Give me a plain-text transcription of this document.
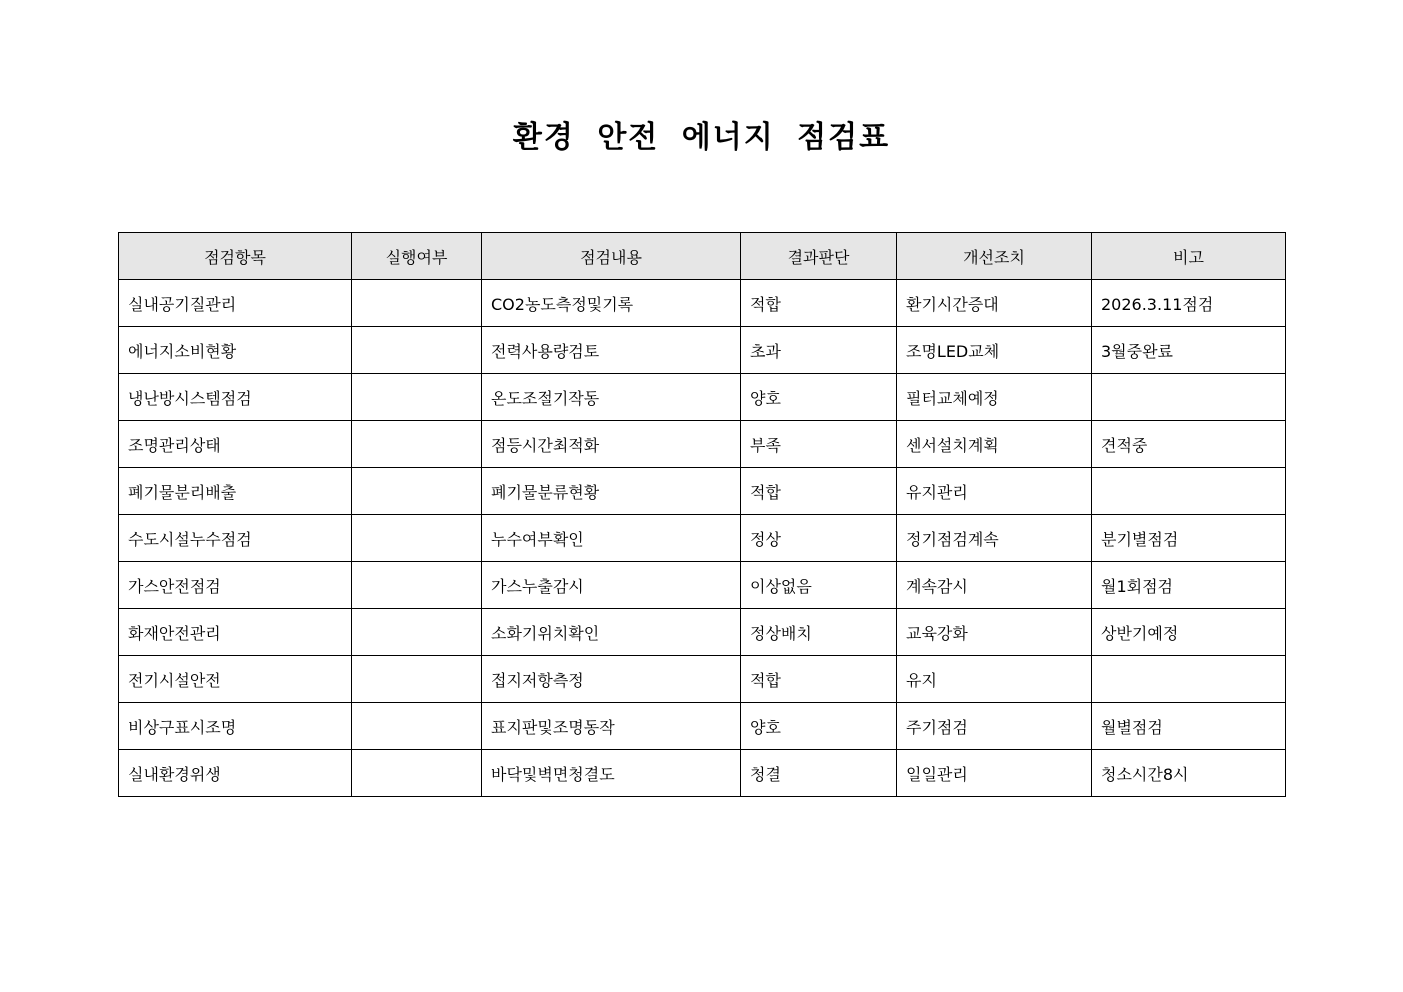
환경 안전 에너지 점검표
점검항목	실행여부	점검내용	결과판단	개선조치	비고
실내공기질관리		CO2농도측정및기록	적합	환기시간증대	2026.3.11점검
에너지소비현황		전력사용량검토	초과	조명LED교체	3월중완료
냉난방시스템점검		온도조절기작동	양호	필터교체예정	
조명관리상태		점등시간최적화	부족	센서설치계획	견적중
폐기물분리배출		폐기물분류현황	적합	유지관리	
수도시설누수점검		누수여부확인	정상	정기점검계속	분기별점검
가스안전점검		가스누출감시	이상없음	계속감시	월1회점검
화재안전관리		소화기위치확인	정상배치	교육강화	상반기예정
전기시설안전		접지저항측정	적합	유지	
비상구표시조명		표지판및조명동작	양호	주기점검	월별점검
실내환경위생		바닥및벽면청결도	청결	일일관리	청소시간8시
